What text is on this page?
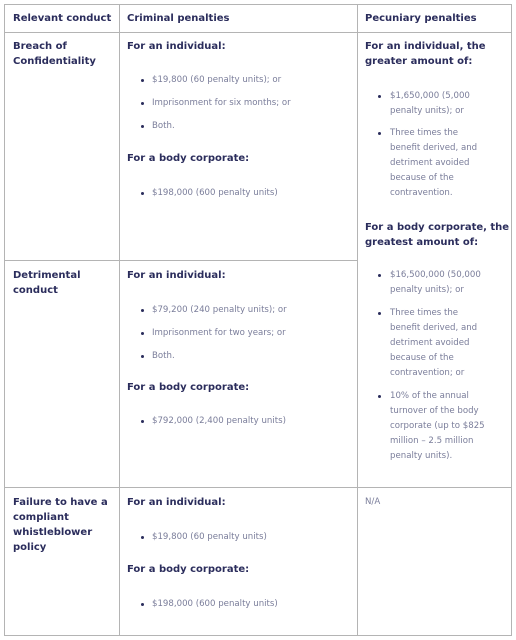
Relevant conduct Criminal penalties	Pecuniary penalties
Breach of
Confidentiality
For an individual:
$19,800 (60 penalty units); or
Imprisonment for six months; or
Both.
For a body corporate:
$198,000 (600 penalty units)
For an individual, the
greater amount of:
$1,650,000 (5,000
penalty units); or
Three times the
benefit derived, and
detriment avoided
because of the
contravention.
For a body corporate, the
greatest amount of:
$16,500,000 (50,000
penalty units); or
Three times the
benefit derived, and
detriment avoided
because of the
contravention; or
10% of the annual
turnover of the body
corporate (up to $825
million – 2.5 million
penalty units).
Detrimental
conduct
For an individual:
$79,200 (240 penalty units); or
Imprisonment for two years; or
Both.
For a body corporate:
$792,000 (2,400 penalty units)
Failure to have a
compliant
whistleblower
policy
For an individual:
$19,800 (60 penalty units)
For a body corporate:
$198,000 (600 penalty units)
N/A
